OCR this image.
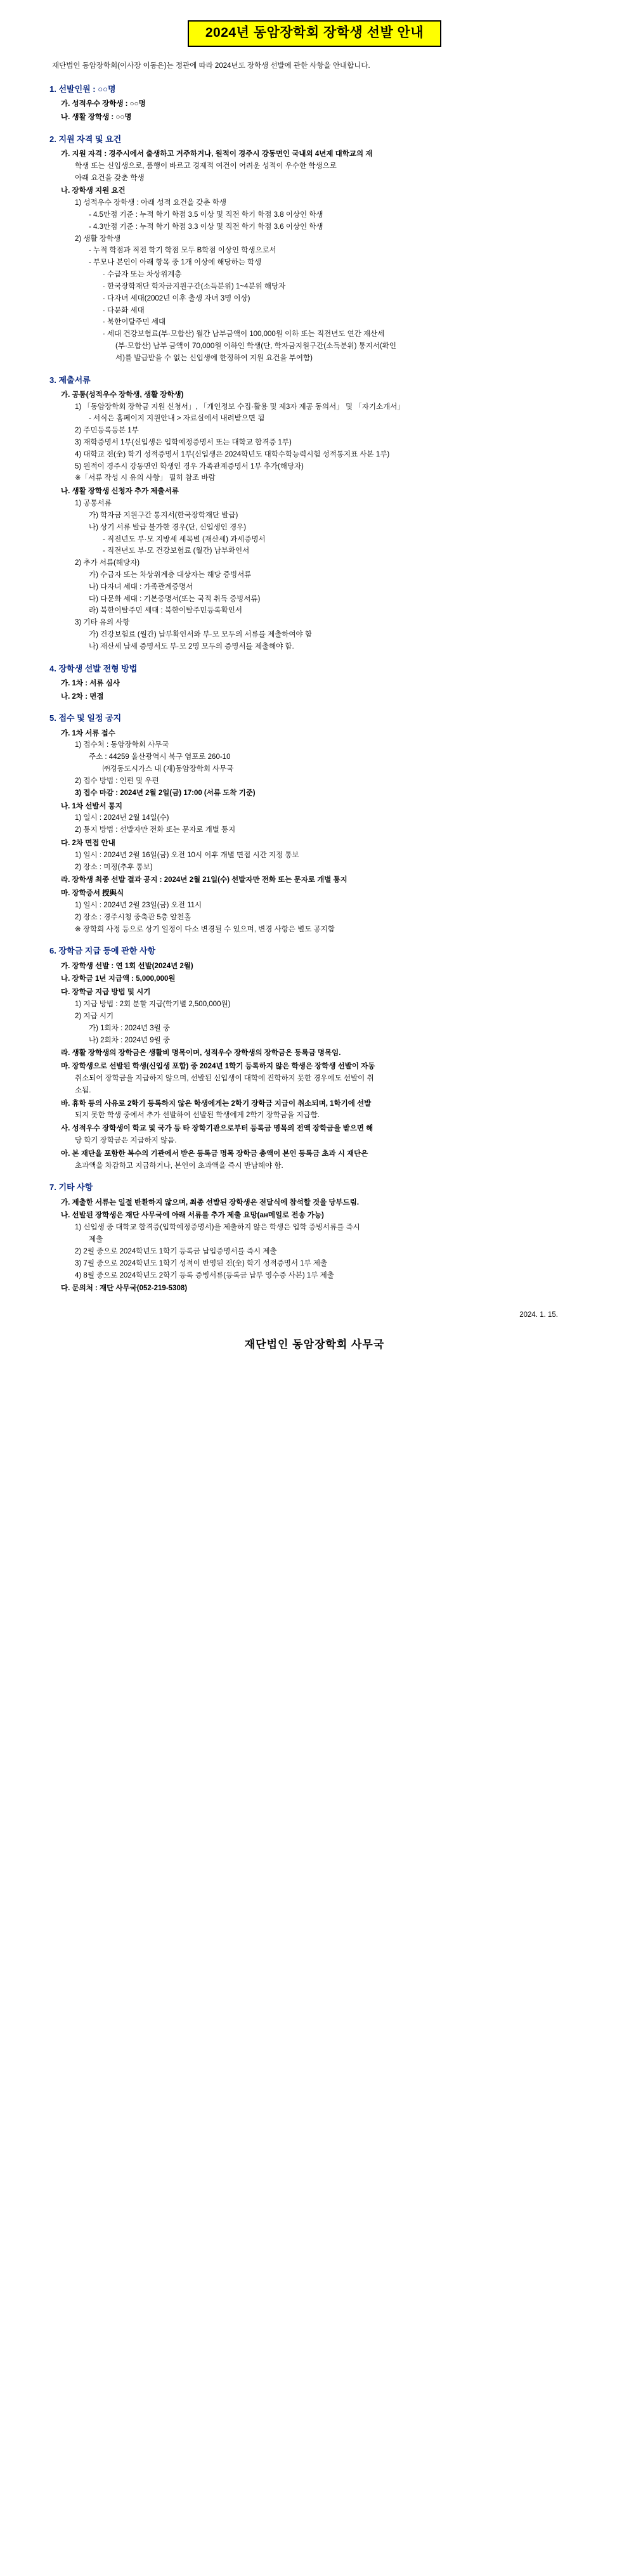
2024년 동암장학회 장학생 선발 안내

재단법인 동암장학회(이사장 이동은)는 정관에 따라 2024년도 장학생 선발에 관한 사항을 안내합니다.

1. 선발인원 : ○○명
가. 성적우수 장학생 : ○○명
나. 생활 장학생 : ○○명
2. 지원 자격 및 요건
가. 지원 자격 : 경주시에서 출생하고 거주하거나, 원적이 경주시 강동면인 국내외 4년제 대학교의 재
학생 또는 신입생으로, 품행이 바르고 경제적 여건이 어려운 성적이 우수한 학생으로
아래 요건을 갖춘 학생
나. 장학생 지원 요건
1) 성적우수 장학생 : 아래 성적 요건을 갖춘 학생
- 4.5만점 기준 : 누적 학기 학점 3.5 이상 및 직전 학기 학점 3.8 이상인 학생
- 4.3만점 기준 : 누적 학기 학점 3.3 이상 및 직전 학기 학점 3.6 이상인 학생
2) 생활 장학생
- 누적 학점과 직전 학기 학점 모두 B학점 이상인 학생으로서
- 부모나 본인이 아래 항목 중 1개 이상에 해당하는 학생
· 수급자 또는 차상위계층
· 한국장학재단 학자금지원구간(소득분위) 1~4분위 해당자
· 다자녀 세대(2002년 이후 출생 자녀 3명 이상)
· 다문화 세대
· 북한이탈주민 세대
· 세대 건강보험료(부·모합산) 월간 납부금액이 100,000원 이하 또는 직전년도 연간 재산세
(부·모합산) 납부 금액이 70,000원 이하인 학생(단, 학자금지원구간(소득분위) 통지서(확인
서)를 발급받을 수 없는 신입생에 한정하여 지원 요건을 부여함)
3. 제출서류
가. 공통(성적우수 장학생, 생활 장학생)
1) 「동암장학회 장학금 지원 신청서」, 「개인정보 수집·활용 및 제3자 제공 동의서」 및 「자기소개서」
- 서식은 홈페이지 지원안내 > 자료실에서 내려받으면 됨
2) 주민등록등본 1부
3) 재학증명서 1부(신입생은 입학예정증명서 또는 대학교 합격증 1부)
4) 대학교 전(全) 학기 성적증명서 1부(신입생은 2024학년도 대학수학능력시험 성적통지표 사본 1부)
5) 원적이 경주시 강동면인 학생인 경우 가족관계증명서 1부 추가(해당자)
※「서류 작성 시 유의 사항」 필히 참조 바람
나. 생활 장학생 신청자 추가 제출서류
1) 공통서류
가) 학자금 지원구간 통지서(한국장학재단 발급)
나) 상기 서류 발급 불가한 경우(단, 신입생인 경우)
- 직전년도 부·모 지방세 세목별 (재산세) 과세증명서
- 직전년도 부·모 건강보험료 (월간) 납부확인서
2) 추가 서류(해당자)
가) 수급자 또는 차상위계층 대상자는 해당 증빙서류
나) 다자녀 세대 : 가족관계증명서
다) 다문화 세대 : 기본증명서(또는 국적 취득 증빙서류)
라) 북한이탈주민 세대 : 북한이탈주민등록확인서
3) 기타 유의 사항
가) 건강보험료 (월간) 납부확인서와 부·모 모두의 서류를 제출하여야 함
나) 재산세 납세 증명서도 부·모 2명 모두의 증명서를 제출해야 함.
4. 장학생 선발 전형 방법
가. 1차 : 서류 심사
나. 2차 : 면접
5. 접수 및 일정 공지
가. 1차 서류 접수
1) 접수처 : 동암장학회 사무국
주소 : 44259 울산광역시 북구 염포로 260-10
㈜경동도시가스 내 (재)동암장학회 사무국
2) 접수 방법 : 인편 및 우편
3) 접수 마감 : 2024년 2월 2일(금) 17:00 (서류 도착 기준)
나. 1차 선발서 통지
1) 일시 : 2024년 2월 14일(수)
2) 통지 방법 : 선발자만 전화 또는 문자로 개별 통지
다. 2차 면접 안내
1) 일시 : 2024년 2월 16일(금) 오전 10시 이후 개별 면접 시간 지정 통보
2) 장소 : 미정(추후 통보)
라. 장학생 최종 선발 결과 공지 : 2024년 2월 21일(수) 선발자만 전화 또는 문자로 개별 통지
마. 장학증서 授與식
1) 일시 : 2024년 2월 23일(금) 오전 11시
2) 장소 : 경주시청 중축관 5층 알천홀
※ 장학회 사정 등으로 상기 일정이 다소 변경될 수 있으며, 변경 사항은 별도 공지함
6. 장학금 지급 등에 관한 사항
가. 장학생 선발 : 연 1회 선발(2024년 2월)
나. 장학금 1년 지급액 : 5,000,000원
다. 장학금 지급 방법 및 시기
1) 지급 방법 : 2회 분할 지급(학기별 2,500,000원)
2) 지급 시기
가) 1회차 : 2024년 3월 중
나) 2회차 : 2024년 9월 중
라. 생활 장학생의 장학금은 생활비 명목이며, 성적우수 장학생의 장학금은 등록금 명목임.
마. 장학생으로 선발된 학생(신입생 포함) 중 2024년 1학기 등록하지 않은 학생은 장학생 선발이 자동
취소되어 장학금을 지급하지 않으며, 선발된 신입생이 대학에 진학하지 못한 경우에도 선발이 취
소됨.
바. 휴학 등의 사유로 2학기 등록하지 않은 학생에게는 2학기 장학금 지급이 취소되며, 1학기에 선발
되지 못한 학생 중에서 추가 선발하여 선발된 학생에게 2학기 장학금을 지급함.
사. 성적우수 장학생이 학교 및 국가 등 타 장학기관으로부터 등록금 명목의 전액 장학금을 받으면 해
당 학기 장학금은 지급하지 않음.
아. 본 재단을 포함한 복수의 기관에서 받은 등록금 명목 장학금 총액이 본인 등록금 초과 시 재단은
초과액을 차감하고 지급하거나, 본인이 초과액을 즉시 반납해야 함.
7. 기타 사항
가. 제출한 서류는 일절 반환하지 않으며, 최종 선발된 장학생은 전달식에 참석할 것을 당부드림.
나. 선발된 장학생은 재단 사무국에 아래 서류를 추가 제출 요망(ан메일로 전송 가능)
1) 신입생 중 대학교 합격증(입학예정증명서)을 제출하지 않은 학생은 입학 증빙서류를 즉시
제출
2) 2월 중으로 2024학년도 1학기 등록금 납입증명서를 즉시 제출
3) 7월 중으로 2024학년도 1학기 성적이 반영된 전(全) 학기 성적증명서 1부 제출
4) 8월 중으로 2024학년도 2학기 등록 증빙서류(등록금 납부 영수증 사본) 1부 제출
다. 문의처 : 재단 사무국(052-219-5308)
2024. 1. 15.
재단법인 동암장학회 사무국
